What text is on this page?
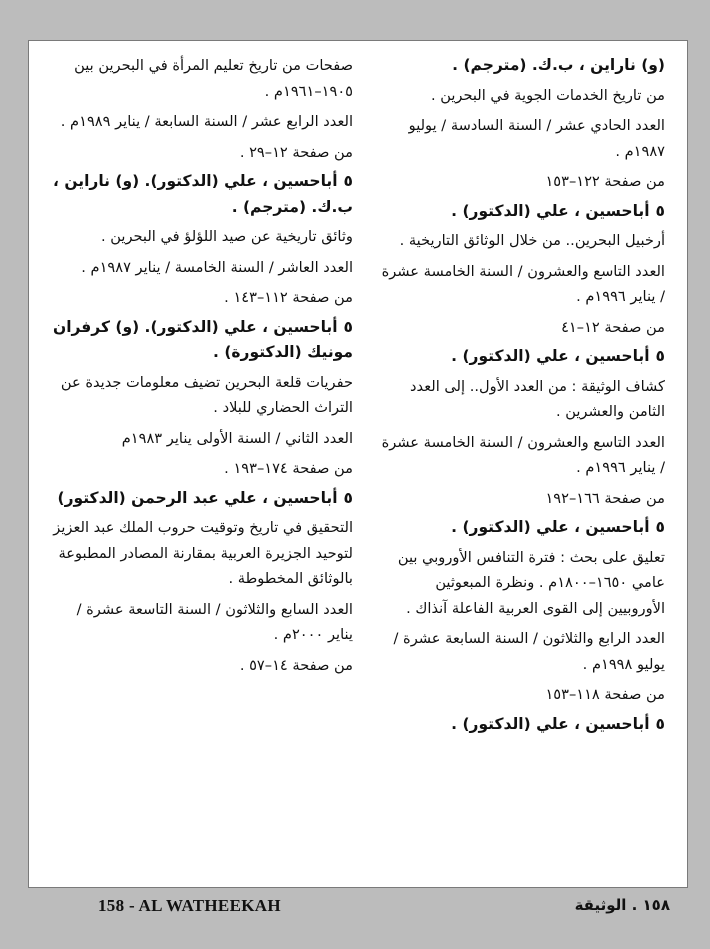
(و) ناراين ، ب.ك. (مترجم) .
من تاريخ الخدمات الجوية في البحرين .
العدد الحادي عشر / السنة السادسة / يوليو ١٩٨٧م .
من صفحة ١٢٢–١٥٣
٥أباحسين ، علي (الدكتور) .
أرخبيل البحرين.. من خلال الوثائق التاريخية .
العدد التاسع والعشرون / السنة الخامسة عشرة / يناير ١٩٩٦م .
من صفحة ١٢–٤١
٥أباحسين ، علي (الدكتور) .
كشاف الوثيقة : من العدد الأول.. إلى العدد الثامن والعشرين .
العدد التاسع والعشرون / السنة الخامسة عشرة / يناير ١٩٩٦م .
من صفحة ١٦٦–١٩٢
٥أباحسين ، علي (الدكتور) .
تعليق على بحث : فترة التنافس الأوروبي بين عامي ١٦٥٠–١٨٠٠م . ونظرة المبعوثين الأوروبيين إلى القوى العربية الفاعلة آنذاك .
العدد الرابع والثلاثون / السنة السابعة عشرة / يوليو ١٩٩٨م .
من صفحة ١١٨–١٥٣
٥أباحسين ، علي (الدكتور) .
صفحات من تاريخ تعليم المرأة في البحرين بين ١٩٠٥–١٩٦١م .
العدد الرابع عشر / السنة السابعة / يناير ١٩٨٩م .
من صفحة ١٢–٢٩ .
٥أباحسين ، علي (الدكتور). (و) ناراين ، ب.ك. (مترجم) .
وثائق تاريخية عن صيد اللؤلؤ في البحرين .
العدد العاشر / السنة الخامسة / يناير ١٩٨٧م .
من صفحة ١١٢–١٤٣ .
٥أباحسين ، علي (الدكتور). (و) كرفران مونيك (الدكتورة) .
حفريات قلعة البحرين تضيف معلومات جديدة عن التراث الحضاري للبلاد .
العدد الثاني / السنة الأولى يناير ١٩٨٣م
من صفحة ١٧٤–١٩٣ .
٥أباحسين ، علي عبد الرحمن (الدكتور)
التحقيق في تاريخ وتوقيت حروب الملك عبد العزيز لتوحيد الجزيرة العربية بمقارنة المصادر المطبوعة بالوثائق المخطوطة .
العدد السابع والثلاثون / السنة التاسعة عشرة / يناير ٢٠٠٠م .
من صفحة ١٤–٥٧ .
158 - AL WATHEEKAH	١٥٨ . الوثيقة
